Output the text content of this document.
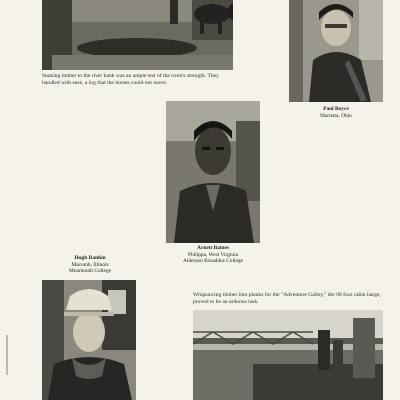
Snaking timber to the river bank was an ample test of the oxen's strength. They handled with ease, a log that the horses could not move.
Paul Boyce
Marietta, Ohio
Arnett Baines
Philippa, West Virginia
Alderson Broaddus College
Hugh Rankin
Macomb, Illinois
Monmouth College
Whipsawing timber into planks for the "Adventure Galley," the 90 foot cabin barge, proved to be an arduous task.
